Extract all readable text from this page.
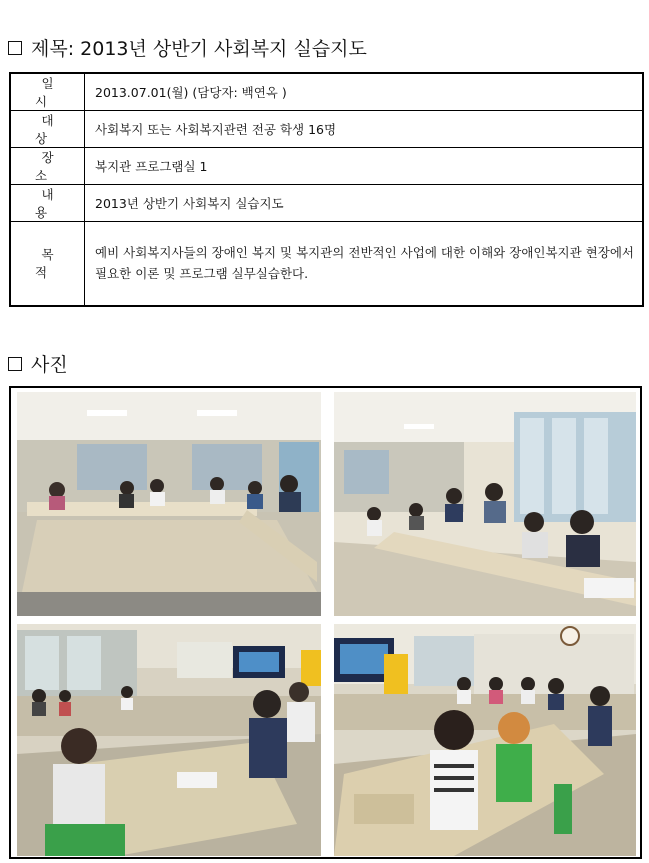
제목: 2013년 상반기 사회복지 실습지도
일 시	2013.07.01(월) (담당자: 백연옥 )
대 상	사회복지 또는 사회복지관련 전공 학생 16명
장 소	복지관 프로그램실 1
내 용	2013년 상반기 사회복지 실습지도
목 적	예비 사회복지사들의 장애인 복지 및 복지관의 전반적인 사업에 대한 이해와 장애인복지관 현장에서 필요한 이론 및 프로그램 실무실습한다.
사진
